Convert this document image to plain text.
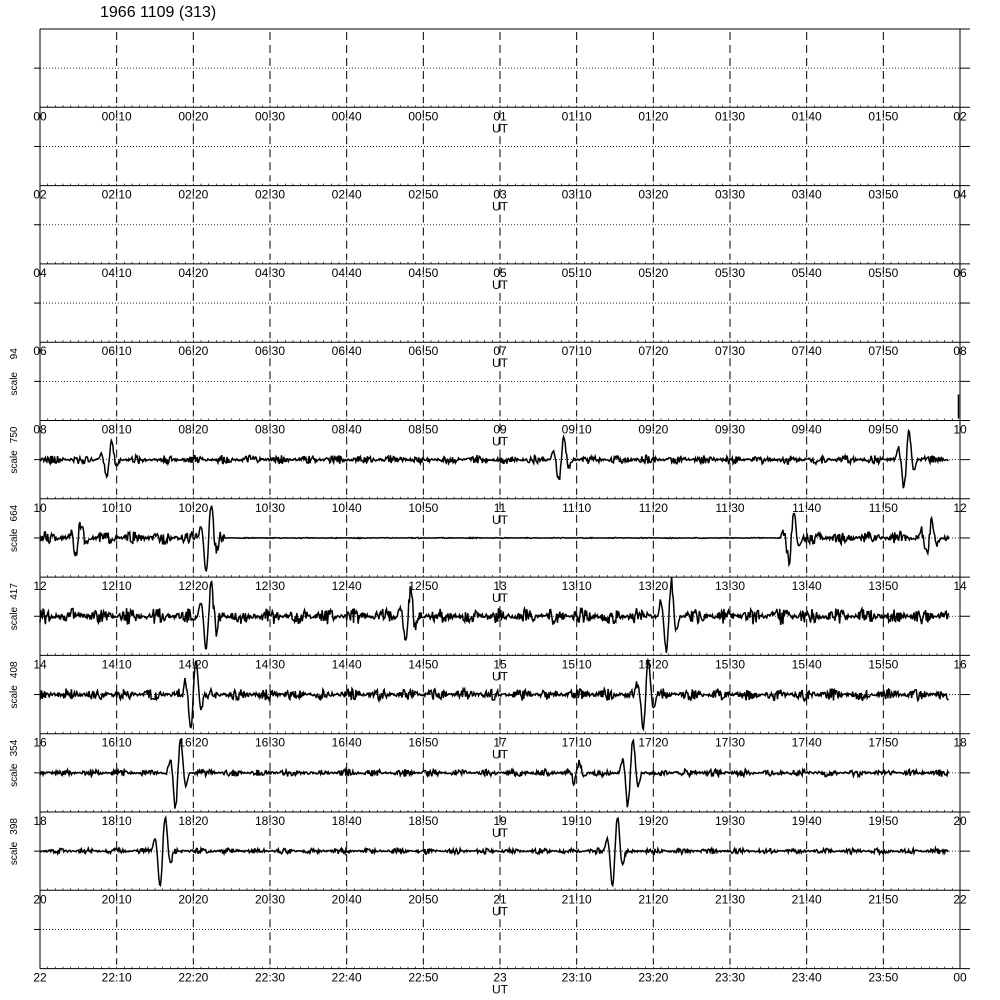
1966 1109 (313)
00	00:10	00:20	00:30	00:40	00:50	01	01:10	01:20	01:30	01:40	01:50	02
UT
02	02:10	02:20	02:30	02:40	02:50	03	03:10	03:20	03:30	03:40	03:50	04
UT
04	04:10	04:20	04:30	04:40	04:50	05	05:10	05:20	05:30	05:40	05:50	06
UT
06	06:10	06:20	06:30	06:40	06:50	07	07:10	07:20	07:30	07:40	07:50	08
UT
08	08:10	08:20	08:30	08:40	08:50	09	09:10	09:20	09:30	09:40	09:50	10
UT
scale
94
10	10:10	10:20	10:30	10:40	10:50	11	11:10	11:20	11:30	11:40	11:50	12
UT
scale
750
12	12:10	12:20	12:30	12:40	12:50	13	13:10	13:20	13:30	13:40	13:50	14
UT
scale
664
14	14:10	14:20	14:30	14:40	14:50	15	15:10	15:20	15:30	15:40	15:50	16
UT
scale
417
16	16:10	16:20	16:30	16:40	16:50	17	17:10	17:20	17:30	17:40	17:50	18
UT
scale
408
18	18:10	18:20	18:30	18:40	18:50	19	19:10	19:20	19:30	19:40	19:50	20
UT
scale
354
20	20:10	20:20	20:30	20:40	20:50	21	21:10	21:20	21:30	21:40	21:50	22
UT
scale
398
22	22:10	22:20	22:30	22:40	22:50	23	23:10	23:20	23:30	23:40	23:50	00
UT
